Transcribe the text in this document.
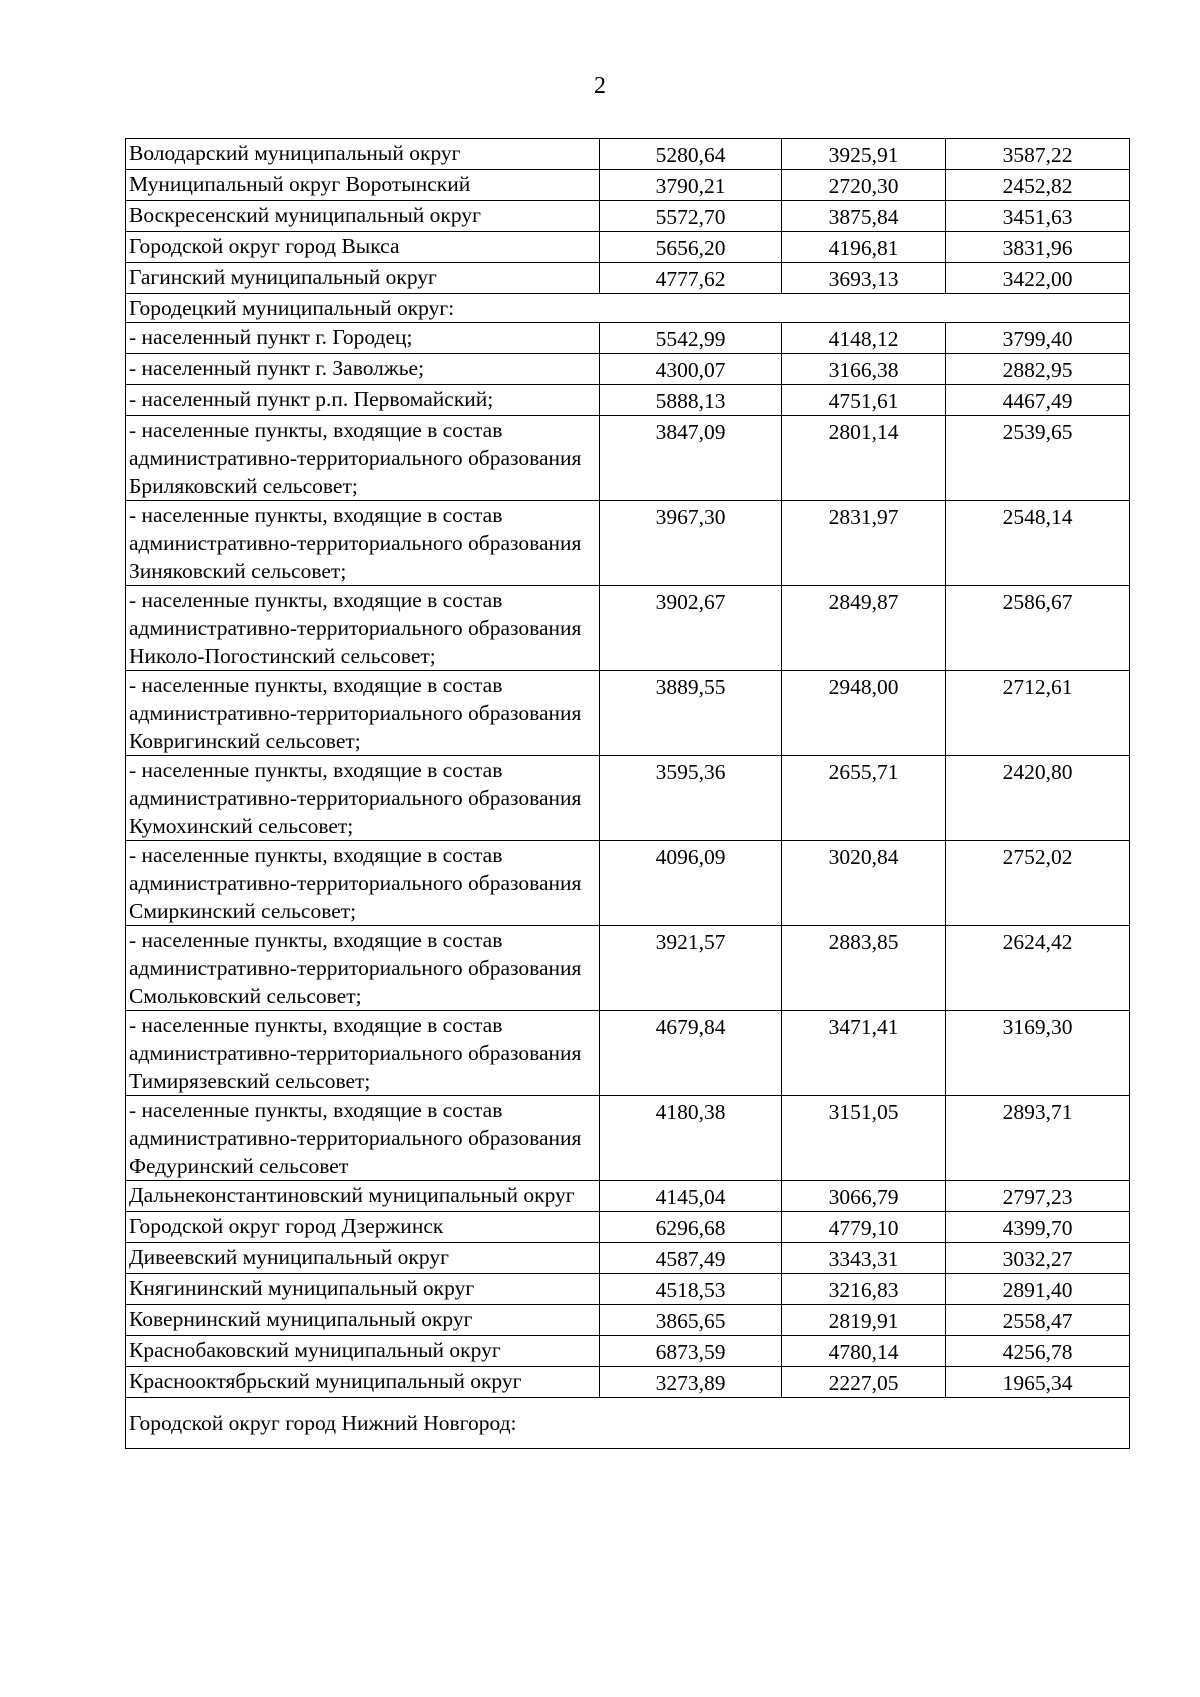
2
Володарский муниципальный округ	5280,64	3925,91	3587,22
Муниципальный округ Воротынский	3790,21	2720,30	2452,82
Воскресенский муниципальный округ	5572,70	3875,84	3451,63
Городской округ город Выкса	5656,20	4196,81	3831,96
Гагинский муниципальный округ	4777,62	3693,13	3422,00
Городецкий муниципальный округ:			
- населенный пункт г. Городец;	5542,99	4148,12	3799,40
- населенный пункт г. Заволжье;	4300,07	3166,38	2882,95
- населенный пункт р.п. Первомайский;	5888,13	4751,61	4467,49
- населенные пункты, входящие в состав административно-территориального образования Бриляковский сельсовет;	3847,09	2801,14	2539,65
- населенные пункты, входящие в состав административно-территориального образования Зиняковский сельсовет;	3967,30	2831,97	2548,14
- населенные пункты, входящие в состав административно-территориального образования Николо-Погостинский сельсовет;	3902,67	2849,87	2586,67
- населенные пункты, входящие в состав административно-территориального образования Ковригинский сельсовет;	3889,55	2948,00	2712,61
- населенные пункты, входящие в состав административно-территориального образования Кумохинский сельсовет;	3595,36	2655,71	2420,80
- населенные пункты, входящие в состав административно-территориального образования Смиркинский сельсовет;	4096,09	3020,84	2752,02
- населенные пункты, входящие в состав административно-территориального образования Смольковский сельсовет;	3921,57	2883,85	2624,42
- населенные пункты, входящие в состав административно-территориального образования Тимирязевский сельсовет;	4679,84	3471,41	3169,30
- населенные пункты, входящие в состав административно-территориального образования Федуринский сельсовет	4180,38	3151,05	2893,71
Дальнеконстантиновский муниципальный округ	4145,04	3066,79	2797,23
Городской округ город Дзержинск	6296,68	4779,10	4399,70
Дивеевский муниципальный округ	4587,49	3343,31	3032,27
Княгининский муниципальный округ	4518,53	3216,83	2891,40
Ковернинский муниципальный округ	3865,65	2819,91	2558,47
Краснобаковский муниципальный округ	6873,59	4780,14	4256,78
Краснооктябрьский муниципальный округ	3273,89	2227,05	1965,34
Городской округ город Нижний Новгород:			
